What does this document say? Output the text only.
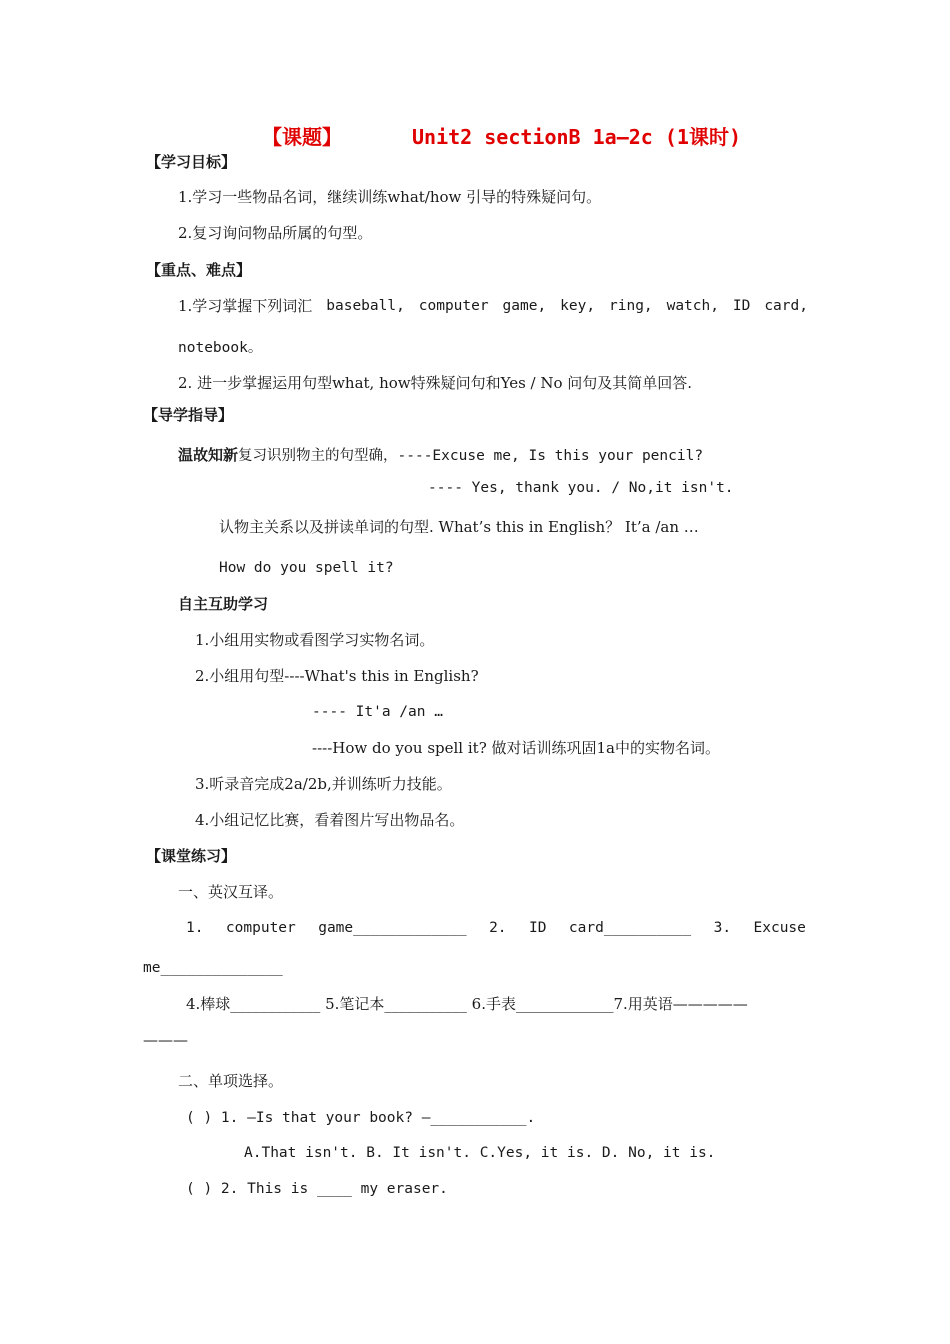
【课题】	Unit2 sectionB 1a—2c (1课时)
【学习目标】
1.学习一些物品名词，继续训练what/how 引导的特殊疑问句。
2.复习询问物品所属的句型。
【重点、难点】
1.学习掌握下列词汇 baseball, computer game, key, ring, watch, ID card,
notebook。
2. 进一步掌握运用句型what, how特殊疑问句和Yes / No 问句及其简单回答.
【导学指导】
温故知新复习识别物主的句型确，----Excuse me, Is this your pencil?
---- Yes, thank you. / No,it isn't.
认物主关系以及拼读单词的句型. What’s this in English？ It’a /an …
How do you spell it?
自主互助学习
1.小组用实物或看图学习实物名词。
2.小组用句型----What's this in English?
---- It'a /an …
----How do you spell it? 做对话训练巩固1a中的实物名词。
3.听录音完成2a/2b,并训练听力技能。
4.小组记忆比赛，看着图片写出物品名。
【课堂练习】
一、英汉互译。
1. computer game_____________ 2. ID card__________ 3. Excuse
me______________
4.棒球____________ 5.笔记本___________ 6.手表_____________7.用英语—————
———
二、单项选择。
( ) 1. —Is that your book? —___________.
A.That isn't. B. It isn't. C.Yes, it is. D. No, it is.
( ) 2. This is ____ my eraser.
